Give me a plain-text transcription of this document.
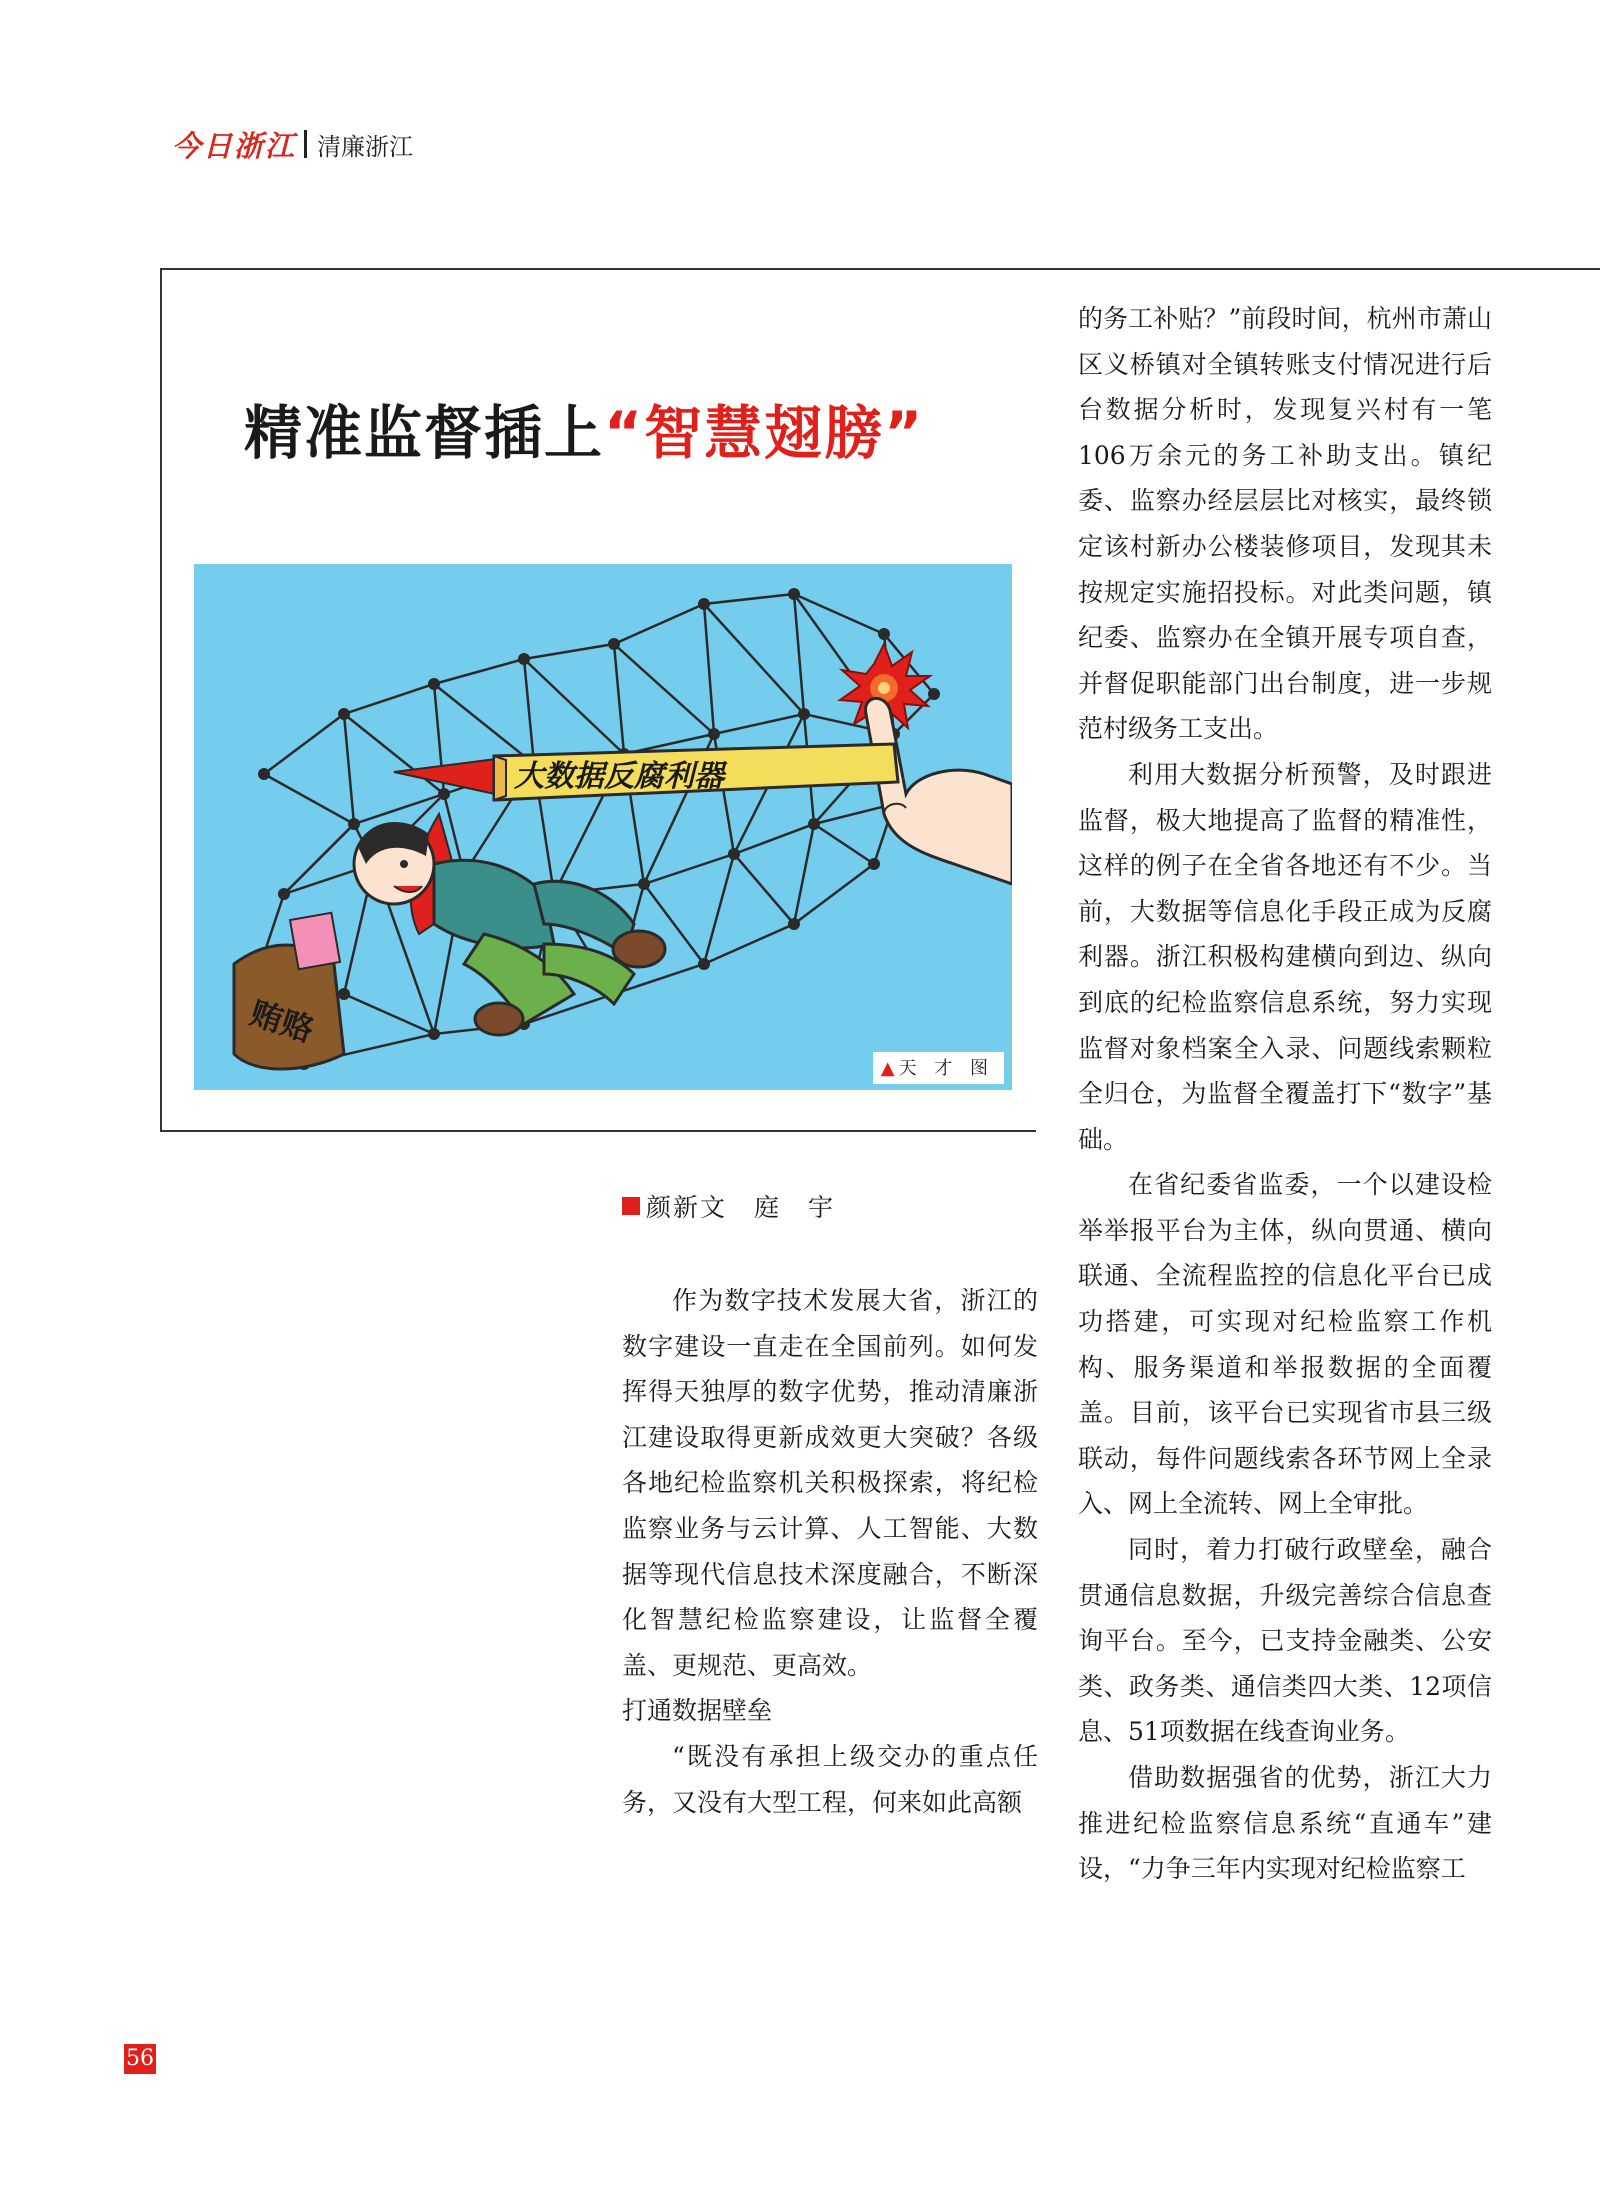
今日浙江 清廉浙江
精准监督插上“智慧翅膀”
大数据反腐利器
贿赂
▲ 天 才 图
颜新文　庭　宇

作为数字技术发展大省，浙江的数字建设一直走在全国前列。如何发挥得天独厚的数字优势，推动清廉浙江建设取得更新成效更大突破？各级各地纪检监察机关积极探索，将纪检监察业务与云计算、人工智能、大数据等现代信息技术深度融合，不断深化智慧纪检监察建设，让监督全覆盖、更规范、更高效。

打通数据壁垒

“既没有承担上级交办的重点任务，又没有大型工程，何来如此高额

的务工补贴？”前段时间，杭州市萧山区义桥镇对全镇转账支付情况进行后台数据分析时，发现复兴村有一笔106万余元的务工补助支出。镇纪委、监察办经层层比对核实，最终锁定该村新办公楼装修项目，发现其未按规定实施招投标。对此类问题，镇纪委、监察办在全镇开展专项自查，并督促职能部门出台制度，进一步规范村级务工支出。

利用大数据分析预警，及时跟进监督，极大地提高了监督的精准性，这样的例子在全省各地还有不少。当前，大数据等信息化手段正成为反腐利器。浙江积极构建横向到边、纵向到底的纪检监察信息系统，努力实现监督对象档案全入录、问题线索颗粒全归仓，为监督全覆盖打下“数字”基础。

在省纪委省监委，一个以建设检举举报平台为主体，纵向贯通、横向联通、全流程监控的信息化平台已成功搭建，可实现对纪检监察工作机构、服务渠道和举报数据的全面覆盖。目前，该平台已实现省市县三级联动，每件问题线索各环节网上全录入、网上全流转、网上全审批。

同时，着力打破行政壁垒，融合贯通信息数据，升级完善综合信息查询平台。至今，已支持金融类、公安类、政务类、通信类四大类、12项信息、51项数据在线查询业务。

借助数据强省的优势，浙江大力推进纪检监察信息系统“直通车”建设，“力争三年内实现对纪检监察工

56
